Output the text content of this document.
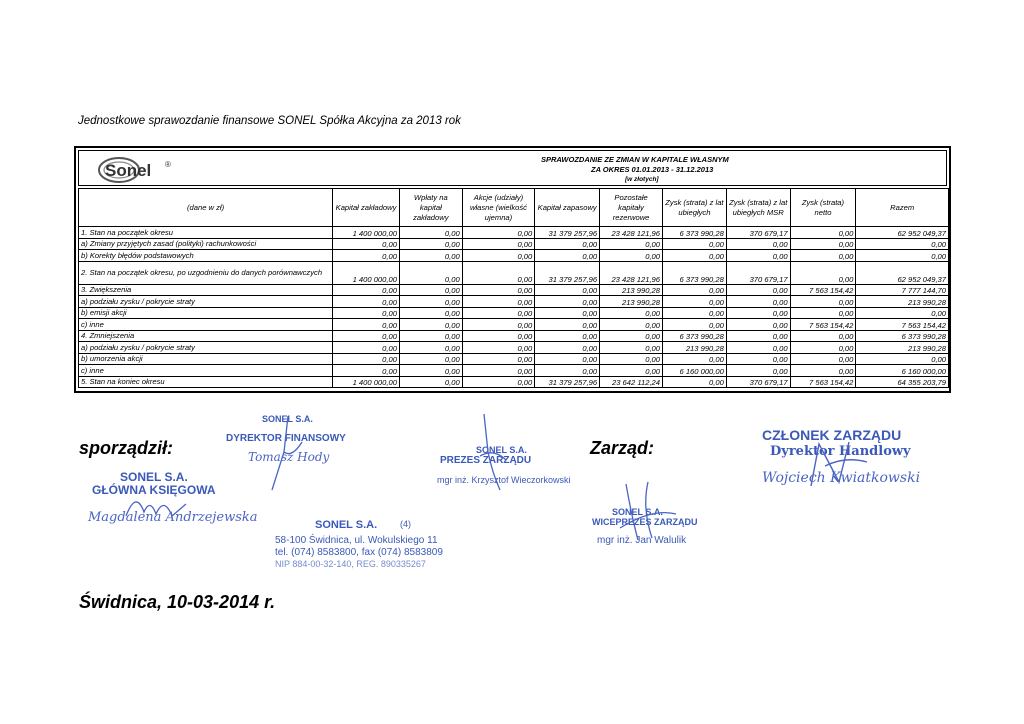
Jednostkowe sprawozdanie finansowe SONEL Spółka Akcyjna za 2013 rok
Sonel ®
SPRAWOZDANIE ZE ZMIAN W KAPITALE WŁASNYM
ZA OKRES 01.01.2013 - 31.12.2013
[w złotych]
(dane w zł)	Kapitał zakładowy	Wpłaty na kapitał zakładowy	Akcje (udziały) własne (wielkość ujemna)	Kapitał zapasowy	Pozostałe kapitały rezerwowe	Zysk (strata) z lat ubiegłych	Zysk (strata) z lat ubiegłych MSR	Zysk (strata) netto	Razem
1. Stan na początek okresu	1 400 000,00	0,00	0,00	31 379 257,96	23 428 121,96	6 373 990,28	370 679,17	0,00	62 952 049,37
a) Zmiany przyjętych zasad (polityki) rachunkowości	0,00	0,00	0,00	0,00	0,00	0,00	0,00	0,00	0,00
b) Korekty błędów podstawowych	0,00	0,00	0,00	0,00	0,00	0,00	0,00	0,00	0,00
2. Stan na początek okresu, po uzgodnieniu do danych porównawczych	1 400 000,00	0,00	0,00	31 379 257,96	23 428 121,96	6 373 990,28	370 679,17	0,00	62 952 049,37
3. Zwiększenia	0,00	0,00	0,00	0,00	213 990,28	0,00	0,00	7 563 154,42	7 777 144,70
a) podziału zysku / pokrycie straty	0,00	0,00	0,00	0,00	213 990,28	0,00	0,00	0,00	213 990,28
b) emisji akcji	0,00	0,00	0,00	0,00	0,00	0,00	0,00	0,00	0,00
c) inne	0,00	0,00	0,00	0,00	0,00	0,00	0,00	7 563 154,42	7 563 154,42
4. Zmniejszenia	0,00	0,00	0,00	0,00	0,00	6 373 990,28	0,00	0,00	6 373 990,28
a) podziału zysku / pokrycie straty	0,00	0,00	0,00	0,00	0,00	213 990,28	0,00	0,00	213 990,28
b) umorzenia akcji	0,00	0,00	0,00	0,00	0,00	0,00	0,00	0,00	0,00
c) inne	0,00	0,00	0,00	0,00	0,00	6 160 000,00	0,00	0,00	6 160 000,00
5. Stan na koniec okresu	1 400 000,00	0,00	0,00	31 379 257,96	23 642 112,24	0,00	370 679,17	7 563 154,42	64 355 203,79
sporządził:	Zarząd:
SONEL S.A.
DYREKTOR FINANSOWY
Tomasz Hody
SONEL S.A.
GŁÓWNA KSIĘGOWA
Magdalena Andrzejewska	SONEL S.A.	(4)
58-100 Świdnica, ul. Wokulskiego 11
tel. (074) 8583800, fax (074) 8583809
NIP 884-00-32-140, REG. 890335267
SONEL S.A.
PREZES ZARZĄDU
mgr inż. Krzysztof Wieczorkowski
SONEL S.A.
WICEPREZES ZARZĄDU
mgr inż. Jan Walulik
CZŁONEK ZARZĄDU
Dyrektor Handlowy
Wojciech Kwiatkowski
Świdnica, 10-03-2014 r.
